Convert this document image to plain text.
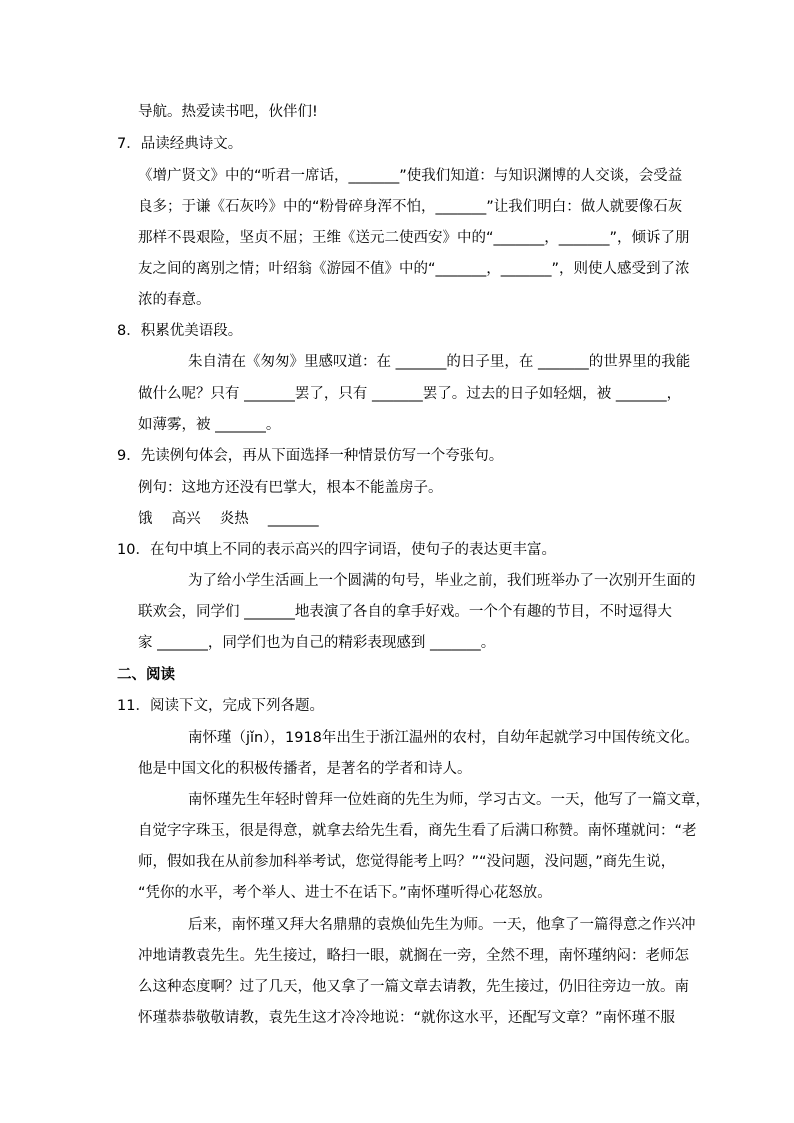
导航。热爱读书吧，伙伴们!
7．品读经典诗文。
《增广贤文》中的“听君一席话，_______”使我们知道：与知识渊博的人交谈，会受益
良多；于谦《石灰吟》中的“粉骨碎身浑不怕，_______”让我们明白：做人就要像石灰
那样不畏艰险，坚贞不屈；王维《送元二使西安》中的“_______，_______”，倾诉了朋
友之间的离别之情；叶绍翁《游园不值》中的“_______，_______”，则使人感受到了浓
浓的春意。
8．积累优美语段。
朱自清在《匆匆》里感叹道：在 _______的日子里，在 _______的世界里的我能
做什么呢？只有 _______罢了，只有 _______罢了。过去的日子如轻烟，被 _______，
如薄雾，被 _______。
9．先读例句体会，再从下面选择一种情景仿写一个夸张句。
例句：这地方还没有巴掌大，根本不能盖房子。
饿　 高兴　 炎热　 _______
10．在句中填上不同的表示高兴的四字词语，使句子的表达更丰富。
为了给小学生活画上一个圆满的句号，毕业之前，我们班举办了一次别开生面的
联欢会，同学们 _______地表演了各自的拿手好戏。一个个有趣的节目，不时逗得大
家 _______，同学们也为自己的精彩表现感到 _______。
二、阅读
11．阅读下文，完成下列各题。
南怀瑾（jǐn），1918年出生于浙江温州的农村，自幼年起就学习中国传统文化。
他是中国文化的积极传播者，是著名的学者和诗人。
南怀瑾先生年轻时曾拜一位姓商的先生为师，学习古文。一天，他写了一篇文章，
自觉字字珠玉，很是得意，就拿去给先生看，商先生看了后满口称赞。南怀瑾就问：“老
师，假如我在从前参加科举考试，您觉得能考上吗？”“没问题，没问题，”商先生说，
“凭你的水平，考个举人、进士不在话下。”南怀瑾听得心花怒放。
后来，南怀瑾又拜大名鼎鼎的袁焕仙先生为师。一天，他拿了一篇得意之作兴冲
冲地请教袁先生。先生接过，略扫一眼，就搁在一旁，全然不理，南怀瑾纳闷：老师怎
么这种态度啊？过了几天，他又拿了一篇文章去请教，先生接过，仍旧往旁边一放。南
怀瑾恭恭敬敬请教，袁先生这才冷冷地说：“就你这水平，还配写文章？”南怀瑾不服
